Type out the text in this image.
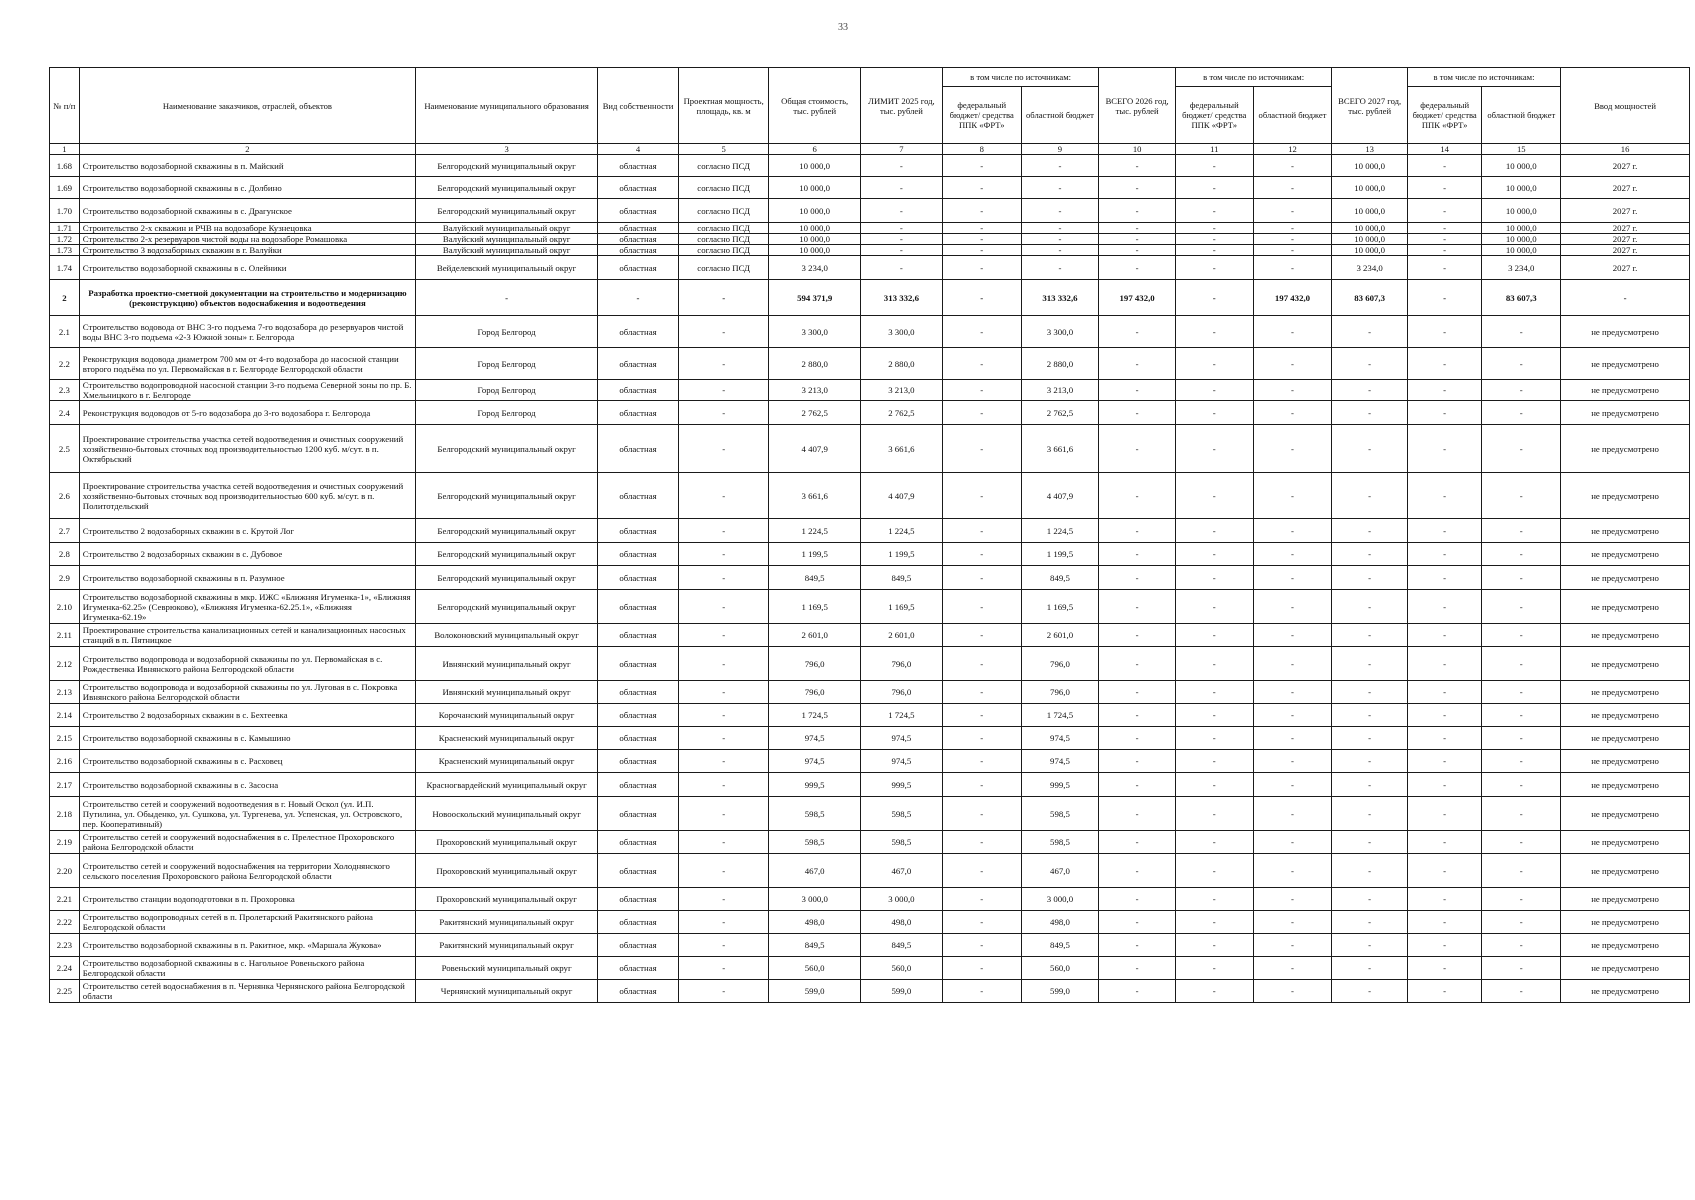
33
№ п/п	Наименование заказчиков, отраслей, объектов	Наименование муниципального образования	Вид собственности	Проектная мощность, площадь, кв. м	Общая стоимость, тыс. рублей	ЛИМИТ 2025 год, тыс. рублей	в том числе по источникам:		ВСЕГО 2026 год, тыс. рублей	в том числе по источникам:		ВСЕГО 2027 год, тыс. рублей	в том числе по источникам:		Ввод мощностей
							федеральный бюджет/ средства ППК «ФРТ»	областной бюджет		федеральный бюджет/ средства ППК «ФРТ»	областной бюджет		федеральный бюджет/ средства ППК «ФРТ»	областной бюджет	
1	2	3	4	5	6	7	8	9	10	11	12	13	14	15	16
1.68	Строительство водозаборной скважины в п. Майский	Белгородский муниципальный округ	областная	согласно ПСД	10 000,0	-	-	-	-	-	-	10 000,0	-	10 000,0	2027 г.
1.69	Строительство водозаборной скважины в с. Долбино	Белгородский муниципальный округ	областная	согласно ПСД	10 000,0	-	-	-	-	-	-	10 000,0	-	10 000,0	2027 г.
1.70	Строительство водозаборной скважины в с. Драгунское	Белгородский муниципальный округ	областная	согласно ПСД	10 000,0	-	-	-	-	-	-	10 000,0	-	10 000,0	2027 г.
1.71	Строительство 2-х скважин и РЧВ на водозаборе Кузнецовка	Валуйский муниципальный округ	областная	согласно ПСД	10 000,0	-	-	-	-	-	-	10 000,0	-	10 000,0	2027 г.
1.72	Строительство 2-х резервуаров чистой воды на водозаборе Ромашовка	Валуйский муниципальный округ	областная	согласно ПСД	10 000,0	-	-	-	-	-	-	10 000,0	-	10 000,0	2027 г.
1.73	Строительство 3 водозаборных скважин в г. Валуйки	Валуйский муниципальный округ	областная	согласно ПСД	10 000,0	-	-	-	-	-	-	10 000,0	-	10 000,0	2027 г.
1.74	Строительство водозаборной скважины в с. Олейники	Вейделевский муниципальный округ	областная	согласно ПСД	3 234,0	-	-	-	-	-	-	3 234,0	-	3 234,0	2027 г.
2	Разработка проектно-сметной документации на строительство и модернизацию (реконструкцию) объектов водоснабжения и водоотведения	-	-	-	594 371,9	313 332,6	-	313 332,6	197 432,0	-	197 432,0	83 607,3	-	83 607,3	-
2.1	Строительство водовода от ВНС 3-го подъема 7-го водозабора до резервуаров чистой воды ВНС 3-го подъема «2-3 Южной зоны» г. Белгорода	Город Белгород	областная	-	3 300,0	3 300,0	-	3 300,0	-	-	-	-	-	-	не предусмотрено
2.2	Реконструкция водовода диаметром 700 мм от 4-го водозабора до насосной станции второго подъёма по ул. Первомайская в г. Белгороде Белгородской области	Город Белгород	областная	-	2 880,0	2 880,0	-	2 880,0	-	-	-	-	-	-	не предусмотрено
2.3	Строительство водопроводной насосной станции 3-го подъема Северной зоны по пр. Б. Хмельницкого в г. Белгороде	Город Белгород	областная	-	3 213,0	3 213,0	-	3 213,0	-	-	-	-	-	-	не предусмотрено
2.4	Реконструкция водоводов от 5-го водозабора до 3-го водозабора г. Белгорода	Город Белгород	областная	-	2 762,5	2 762,5	-	2 762,5	-	-	-	-	-	-	не предусмотрено
2.5	Проектирование строительства участка сетей водоотведения и очистных сооружений хозяйственно-бытовых сточных вод производительностью 1200 куб. м/сут. в п. Октябрьский	Белгородский муниципальный округ	областная	-	4 407,9	3 661,6	-	3 661,6	-	-	-	-	-	-	не предусмотрено
2.6	Проектирование строительства участка сетей водоотведения и очистных сооружений хозяйственно-бытовых сточных вод производительностью 600 куб. м/сут. в п. Политотдельский	Белгородский муниципальный округ	областная	-	3 661,6	4 407,9	-	4 407,9	-	-	-	-	-	-	не предусмотрено
2.7	Строительство 2 водозаборных скважин в с. Крутой Лог	Белгородский муниципальный округ	областная	-	1 224,5	1 224,5	-	1 224,5	-	-	-	-	-	-	не предусмотрено
2.8	Строительство 2 водозаборных скважин в с. Дубовое	Белгородский муниципальный округ	областная	-	1 199,5	1 199,5	-	1 199,5	-	-	-	-	-	-	не предусмотрено
2.9	Строительство водозаборной скважины в п. Разумное	Белгородский муниципальный округ	областная	-	849,5	849,5	-	849,5	-	-	-	-	-	-	не предусмотрено
2.10	Строительство водозаборной скважины в мкр. ИЖС «Ближняя Игуменка-1», «Ближняя Игуменка-62.25» (Севрюково), «Ближняя Игуменка-62.25.1», «Ближняя Игуменка-62.19»	Белгородский муниципальный округ	областная	-	1 169,5	1 169,5	-	1 169,5	-	-	-	-	-	-	не предусмотрено
2.11	Проектирование строительства канализационных сетей и канализационных насосных станций в п. Пятницкое	Волоконовский муниципальный округ	областная	-	2 601,0	2 601,0	-	2 601,0	-	-	-	-	-	-	не предусмотрено
2.12	Строительство водопровода и водозаборной скважины по ул. Первомайская в с. Рождественка Ивнянского района Белгородской области	Ивнянский муниципальный округ	областная	-	796,0	796,0	-	796,0	-	-	-	-	-	-	не предусмотрено
2.13	Строительство водопровода и водозаборной скважины по ул. Луговая в с. Покровка Ивнянского района Белгородской области	Ивнянский муниципальный округ	областная	-	796,0	796,0	-	796,0	-	-	-	-	-	-	не предусмотрено
2.14	Строительство 2 водозаборных скважин в с. Бехтеевка	Корочанский муниципальный округ	областная	-	1 724,5	1 724,5	-	1 724,5	-	-	-	-	-	-	не предусмотрено
2.15	Строительство водозаборной скважины в с. Камышино	Красненский муниципальный округ	областная	-	974,5	974,5	-	974,5	-	-	-	-	-	-	не предусмотрено
2.16	Строительство водозаборной скважины в с. Расховец	Красненский муниципальный округ	областная	-	974,5	974,5	-	974,5	-	-	-	-	-	-	не предусмотрено
2.17	Строительство водозаборной скважины в с. Засосна	Красногвардейский муниципальный округ	областная	-	999,5	999,5	-	999,5	-	-	-	-	-	-	не предусмотрено
2.18	Строительство сетей и сооружений водоотведения в г. Новый Оскол (ул. И.П. Путилина, ул. Обыденко, ул. Сушкова, ул. Тургенева, ул. Успенская, ул. Островского, пер. Кооперативный)	Новооскольский муниципальный округ	областная	-	598,5	598,5	-	598,5	-	-	-	-	-	-	не предусмотрено
2.19	Строительство сетей и сооружений водоснабжения в с. Прелестное Прохоровского района Белгородской области	Прохоровский муниципальный округ	областная	-	598,5	598,5	-	598,5	-	-	-	-	-	-	не предусмотрено
2.20	Строительство сетей и сооружений водоснабжения на территории Холоднянского сельского поселения Прохоровского района Белгородской области	Прохоровский муниципальный округ	областная	-	467,0	467,0	-	467,0	-	-	-	-	-	-	не предусмотрено
2.21	Строительство станции водоподготовки в п. Прохоровка	Прохоровский муниципальный округ	областная	-	3 000,0	3 000,0	-	3 000,0	-	-	-	-	-	-	не предусмотрено
2.22	Строительство водопроводных сетей в п. Пролетарский Ракитянского района Белгородской области	Ракитянский муниципальный округ	областная	-	498,0	498,0	-	498,0	-	-	-	-	-	-	не предусмотрено
2.23	Строительство водозаборной скважины в п. Ракитное, мкр. «Маршала Жукова»	Ракитянский муниципальный округ	областная	-	849,5	849,5	-	849,5	-	-	-	-	-	-	не предусмотрено
2.24	Строительство водозаборной скважины в с. Нагольное Ровеньского района Белгородской области	Ровеньский муниципальный округ	областная	-	560,0	560,0	-	560,0	-	-	-	-	-	-	не предусмотрено
2.25	Строительство сетей водоснабжения в п. Чернянка Чернянского района Белгородской области	Чернянский муниципальный округ	областная	-	599,0	599,0	-	599,0	-	-	-	-	-	-	не предусмотрено
